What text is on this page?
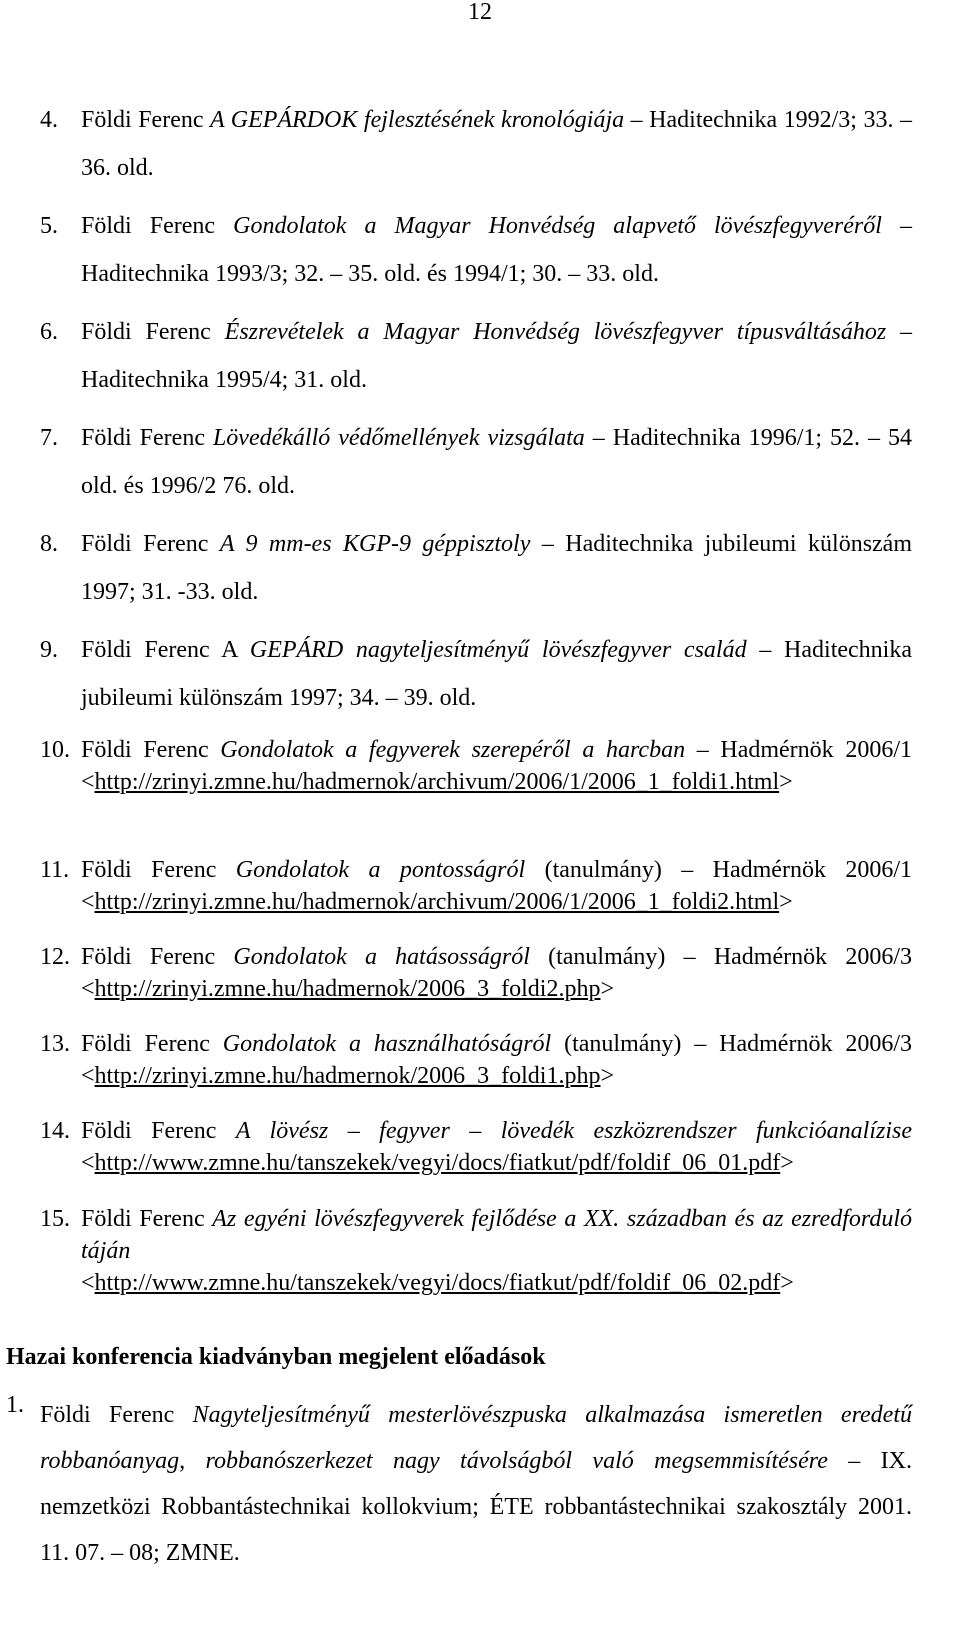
12
4. Földi Ferenc A GEPÁRDOK fejlesztésének kronológiája – Haditechnika 1992/3; 33. – 36. old.
5. Földi Ferenc Gondolatok a Magyar Honvédség alapvető lövészfegyveréről – Haditechnika 1993/3; 32. – 35. old. és 1994/1; 30. – 33. old.
6. Földi Ferenc Észrevételek a Magyar Honvédség lövészfegyver típusváltásához – Haditechnika 1995/4; 31. old.
7. Földi Ferenc Lövedékálló védőmellények vizsgálata – Haditechnika 1996/1; 52. – 54 old. és 1996/2 76. old.
8. Földi Ferenc A 9 mm-es KGP-9 géppisztoly – Haditechnika jubileumi különszám 1997; 31. -33. old.
9. Földi Ferenc A GEPÁRD nagyteljesítményű lövészfegyver család – Haditechnika jubileumi különszám 1997; 34. – 39. old.
10. Földi Ferenc Gondolatok a fegyverek szerepéről a harcban – Hadmérnök 2006/1 <http://zrinyi.zmne.hu/hadmernok/archivum/2006/1/2006_1_foldi1.html>
11. Földi Ferenc Gondolatok a pontosságról (tanulmány) – Hadmérnök 2006/1 <http://zrinyi.zmne.hu/hadmernok/archivum/2006/1/2006_1_foldi2.html>
12. Földi Ferenc Gondolatok a hatásosságról (tanulmány) – Hadmérnök 2006/3 <http://zrinyi.zmne.hu/hadmernok/2006_3_foldi2.php>
13. Földi Ferenc Gondolatok a használhatóságról (tanulmány) – Hadmérnök 2006/3 <http://zrinyi.zmne.hu/hadmernok/2006_3_foldi1.php>
14. Földi Ferenc A lövész – fegyver – lövedék eszközrendszer funkcióanalízise <http://www.zmne.hu/tanszekek/vegyi/docs/fiatkut/pdf/foldif_06_01.pdf>
15. Földi Ferenc Az egyéni lövészfegyverek fejlődése a XX. században és az ezredforduló táján
<http://www.zmne.hu/tanszekek/vegyi/docs/fiatkut/pdf/foldif_06_02.pdf>
Hazai konferencia kiadványban megjelent előadások
1. Földi Ferenc Nagyteljesítményű mesterlövészpuska alkalmazása ismeretlen eredetű robbanóanyag, robbanószerkezet nagy távolságból való megsemmisítésére – IX. nemzetközi Robbantástechnikai kollokvium; ÉTE robbantástechnikai szakosztály 2001. 11. 07. – 08; ZMNE.
